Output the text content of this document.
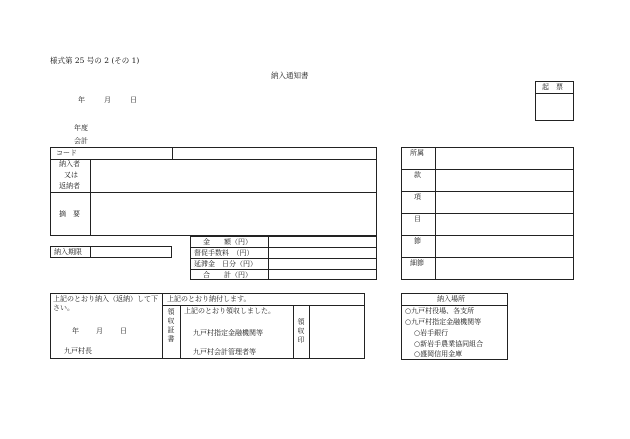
様式第 25 号の 2 (その 1)
納入通知書
起　票
年	月	日
年度
会計
コード
納入者
又は
返納者
摘　要
納入期限
金　　額（円）
督促手数料　（円）
延滞金　日分（円）
合　　計（円）
所属
款
項
目
節
細節
上記のとおり納入（返納）して下さい。
年 月 日
九戸村長
上記のとおり納付します。
領収証書 上記のとおり領収しました。
九戸村指定金融機関等
九戸村会計管理者等
領収印
納入場所
○九戸村役場、各支所
○九戸村指定金融機関等
○岩手銀行
○新岩手農業協同組合
○盛岡信用金庫
